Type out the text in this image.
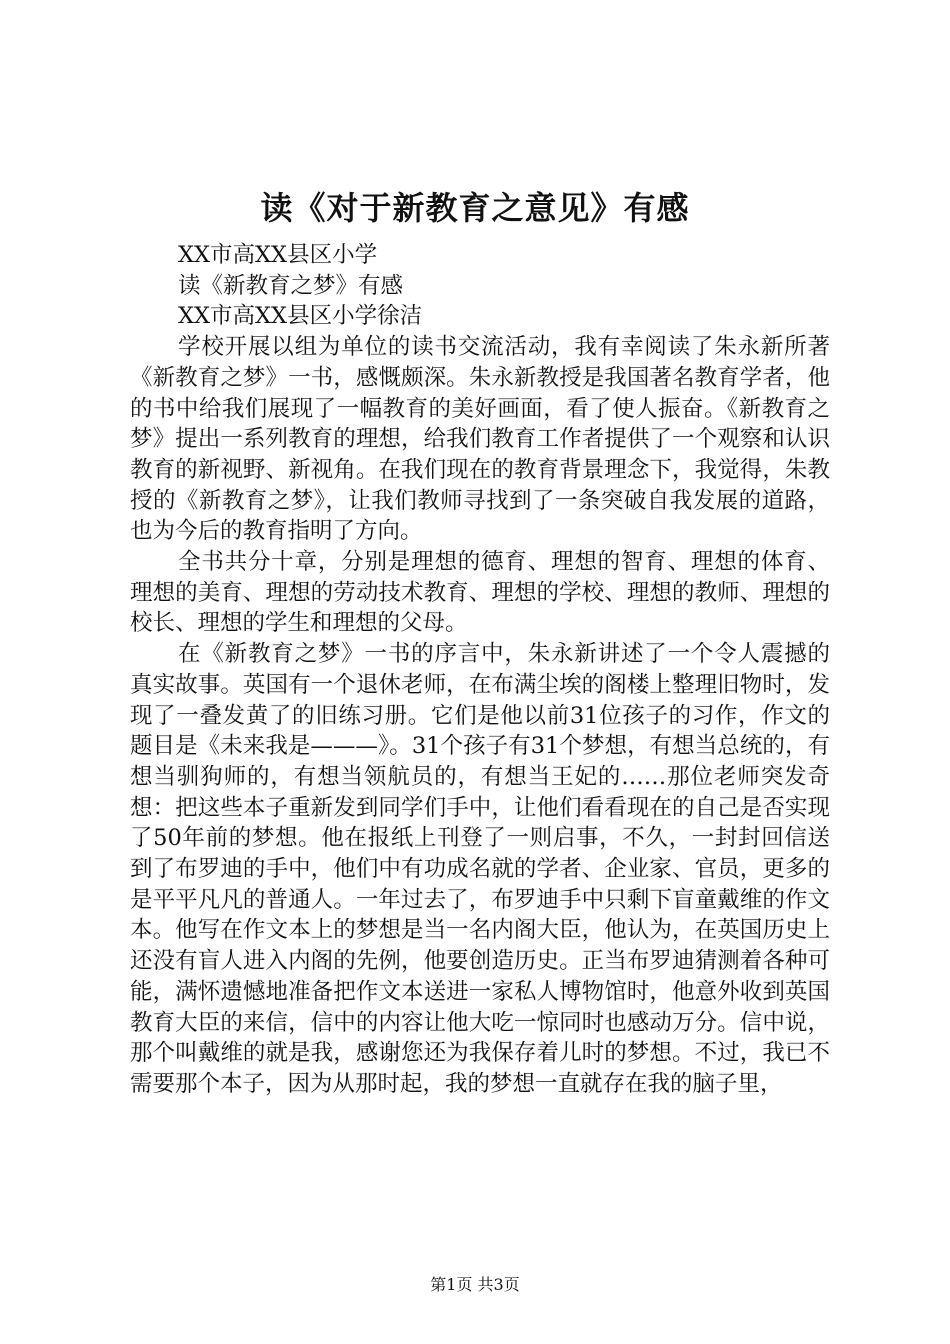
读《对于新教育之意见》有感

XX市高XX县区小学

读《新教育之梦》有感

XX市高XX县区小学徐洁

学校开展以组为单位的读书交流活动，我有幸阅读了朱永新所著《新教育之梦》一书，感慨颇深。朱永新教授是我国著名教育学者，他的书中给我们展现了一幅教育的美好画面，看了使人振奋。《新教育之梦》提出一系列教育的理想，给我们教育工作者提供了一个观察和认识教育的新视野、新视角。在我们现在的教育背景理念下，我觉得，朱教授的《新教育之梦》，让我们教师寻找到了一条突破自我发展的道路，也为今后的教育指明了方向。

全书共分十章，分别是理想的德育、理想的智育、理想的体育、理想的美育、理想的劳动技术教育、理想的学校、理想的教师、理想的校长、理想的学生和理想的父母。

在《新教育之梦》一书的序言中，朱永新讲述了一个令人震撼的真实故事。英国有一个退休老师，在布满尘埃的阁楼上整理旧物时，发现了一叠发黄了的旧练习册。它们是他以前31位孩子的习作，作文的题目是《未来我是———》。31个孩子有31个梦想，有想当总统的，有想当驯狗师的，有想当领航员的，有想当王妃的……那位老师突发奇想：把这些本子重新发到同学们手中，让他们看看现在的自己是否实现了50年前的梦想。他在报纸上刊登了一则启事，不久，一封封回信送到了布罗迪的手中，他们中有功成名就的学者、企业家、官员，更多的是平平凡凡的普通人。一年过去了，布罗迪手中只剩下盲童戴维的作文本。他写在作文本上的梦想是当一名内阁大臣，他认为，在英国历史上还没有盲人进入内阁的先例，他要创造历史。正当布罗迪猜测着各种可能，满怀遗憾地准备把作文本送进一家私人博物馆时，他意外收到英国教育大臣的来信，信中的内容让他大吃一惊同时也感动万分。信中说，那个叫戴维的就是我，感谢您还为我保存着儿时的梦想。不过，我已不需要那个本子，因为从那时起，我的梦想一直就存在我的脑子里，

第1页 共3页
